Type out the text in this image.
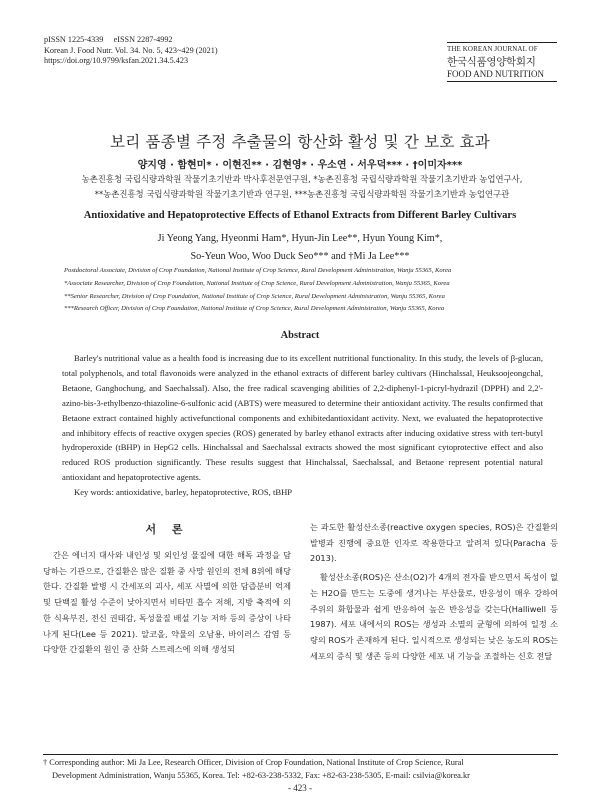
pISSN 1225-4339     eISSN 2287-4992
Korean J. Food Nutr. Vol. 34. No. 5, 423~429 (2021)
https://doi.org/10.9799/ksfan.2021.34.5.423
THE KOREAN JOURNAL OF
한국식품영양학회지
FOOD AND NUTRITION
보리 품종별 주정 추출물의 항산화 활성 및 간 보호 효과
양지영 · 함현미* · 이현진** · 김현영* · 우소연 · 서우덕*** · †이미자***
농촌진흥청 국립식량과학원 작물기초기반과 박사후전문연구원, *농촌진흥청 국립식량과학원 작물기초기반과 농업연구사,
**농촌진흥청 국립식량과학원 작물기초기반과 연구원, ***농촌진흥청 국립식량과학원 작물기초기반과 농업연구관
Antioxidative and Hepatoprotective Effects of Ethanol Extracts from Different Barley Cultivars
Ji Yeong Yang, Hyeonmi Ham*, Hyun-Jin Lee**, Hyun Young Kim*,
So-Yeun Woo, Woo Duck Seo*** and †Mi Ja Lee***
Postdoctoral Associate, Division of Crop Foundation, National Institute of Crop Science, Rural Development Administration, Wanju 55365, Korea
*Associate Researcher, Division of Crop Foundation, National Institute of Crop Science, Rural Development Administration, Wanju 55365, Korea
**Senior Researcher, Division of Crop Foundation, National Institute of Crop Science, Rural Development Administration, Wanju 55365, Korea
***Research Officer, Division of Crop Foundation, National Institute of Crop Science, Rural Development Administration, Wanju 55365, Korea
Abstract

Barley's nutritional value as a health food is increasing due to its excellent nutritional functionality. In this study, the levels of β-glucan, total polyphenols, and total flavonoids were analyzed in the ethanol extracts of different barley cultivars (Hinchalssal, Heuksoojeongchal, Betaone, Ganghochung, and Saechalssal). Also, the free radical scavenging abilities of 2,2-diphenyl-1-picryl-hydrazil (DPPH) and 2,2'-azino-bis-3-ethylbenzo-thiazoline-6-sulfonic acid (ABTS) were measured to determine their antioxidant activity. The results confirmed that Betaone extract contained highly activefunctional components and exhibitedantioxidant activity. Next, we evaluated the hepatoprotective and inhibitory effects of reactive oxygen species (ROS) generated by barley ethanol extracts after inducing oxidative stress with tert-butyl hydroperoxide (tBHP) in HepG2 cells. Hinchalssal and Saechalssal extracts showed the most significant cytoprotective effect and also reduced ROS production significantly. These results suggest that Hinchalssal, Saechalssal, and Betaone represent potential natural antioxidant and hepatoprotective agents.

Key words: antioxidative, barley, hepatoprotective, ROS, tBHP
서 론

간은 에너지 대사와 내인성 및 외인성 물질에 대한 해독 과정을 담당하는 기관으로, 간질환은 많은 질환 중 사망 원인의 전체 8위에 해당한다. 간질환 발병 시 간세포의 괴사, 세포 사멸에 의한 담즙분비 억제 및 단백질 활성 수준이 낮아지면서 비타민 흡수 저해, 지방 축적에 의한 식욕부진, 전신 권태감, 독성물질 배설 기능 저하 등의 증상이 나타나게 된다(Lee 등 2021). 알코올, 약물의 오남용, 바이러스 감염 등 다양한 간질환의 원인 중 산화 스트레스에 의해 생성되

는 과도한 활성산소종(reactive oxygen species, ROS)은 간질환의 발병과 진행에 중요한 인자로 작용한다고 알려져 있다(Paracha 등 2013).

활성산소종(ROS)은 산소(O2)가 4개의 전자를 받으면서 독성이 없는 H2O를 만드는 도중에 생겨나는 부산물로, 반응성이 매우 강하여 주위의 화합물과 쉽게 반응하여 높은 반응성을 갖는다(Halliwell 등 1987). 세포 내에서의 ROS는 생성과 소멸의 균형에 의하여 일정 소량의 ROS가 존재하게 된다. 일시적으로 생성되는 낮은 농도의 ROS는 세포의 증식 및 생존 등의 다양한 세포 내 기능을 조절하는 신호 전달

† Corresponding author: Mi Ja Lee, Research Officer, Division of Crop Foundation, National Institute of Crop Science, Rural
Development Administration, Wanju 55365, Korea. Tel: +82-63-238-5332, Fax: +82-63-238-5305, E-mail: csilvia@korea.kr
- 423 -
